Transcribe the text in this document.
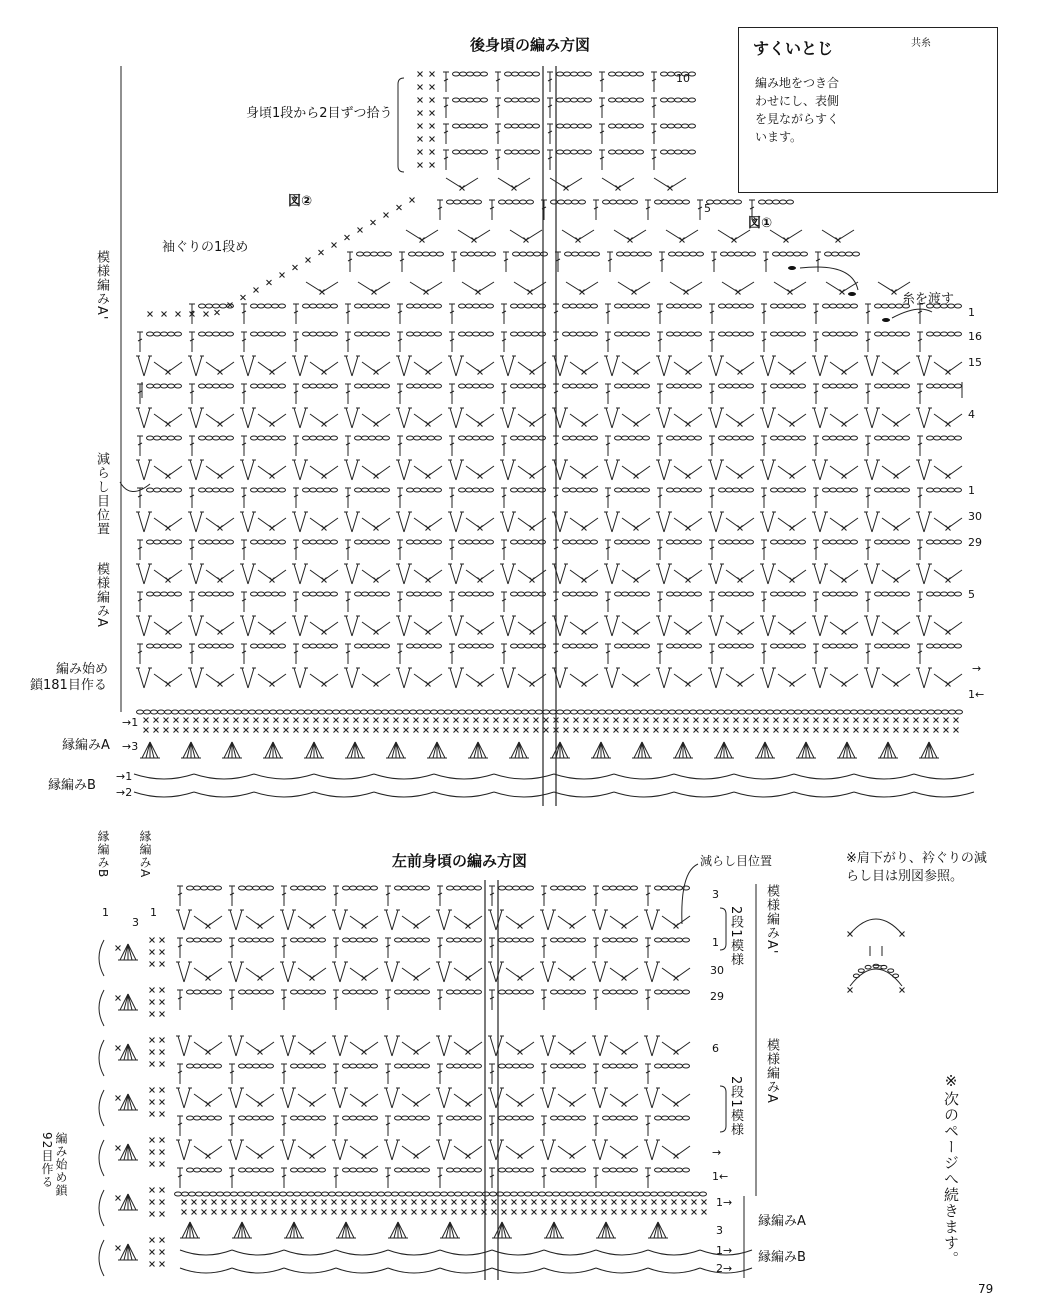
後身頃の編み方図
身頃1段から2目ずつ拾う
図②
図①
袖ぐりの1段め
糸を渡す
模様編みA'
減らし目位置
模様編みA
編み始め
鎖181目作る
縁編みA
縁編みB
→1
→3
→1
→2
10
5
1
16
15
4
1
30
29
5
→
1←
すくいとじ
編み地をつき合わせにし、表側を見ながらすくいます。
共糸
左前身頃の編み方図	減らし目位置
縁編みB 縁編みA
編み始め鎖92目作る
模様編みA'
模様編みA
2段1模様
2段1模様
縁編みA
縁編みB
3
1
30
29
6
→
1←
1→
3
1→
2→
1
3
1
※肩下がり、衿ぐりの減らし目は別図参照。
＝
※次のページへ続きます。
79
